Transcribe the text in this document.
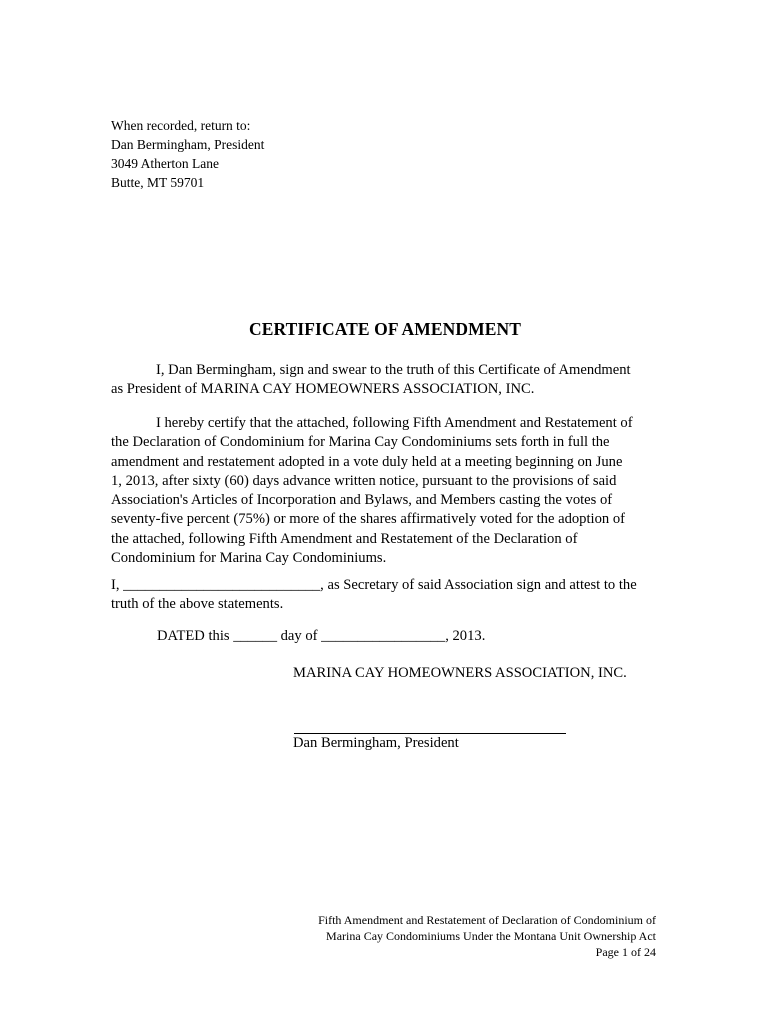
When recorded, return to:
Dan Bermingham, President
3049 Atherton Lane
Butte, MT 59701
CERTIFICATE OF AMENDMENT
I, Dan Bermingham, sign and swear to the truth of this Certificate of Amendment
as President of MARINA CAY HOMEOWNERS ASSOCIATION, INC.
I hereby certify that the attached, following Fifth Amendment and Restatement of
the Declaration of Condominium for Marina Cay Condominiums sets forth in full the
amendment and restatement adopted in a vote duly held at a meeting beginning on June
1, 2013, after sixty (60) days advance written notice, pursuant to the provisions of said
Association's Articles of Incorporation and Bylaws, and Members casting the votes of
seventy-five percent (75%) or more of the shares affirmatively voted for the adoption of
the attached, following Fifth Amendment and Restatement of the Declaration of
Condominium for Marina Cay Condominiums.
I, ___________________________, as Secretary of said Association sign and attest to the
truth of the above statements.
DATED this ______ day of _________________, 2013.
MARINA CAY HOMEOWNERS ASSOCIATION, INC.
Dan Bermingham, President
Fifth Amendment and Restatement of Declaration of Condominium of
Marina Cay Condominiums Under the Montana Unit Ownership Act
Page 1 of 24
